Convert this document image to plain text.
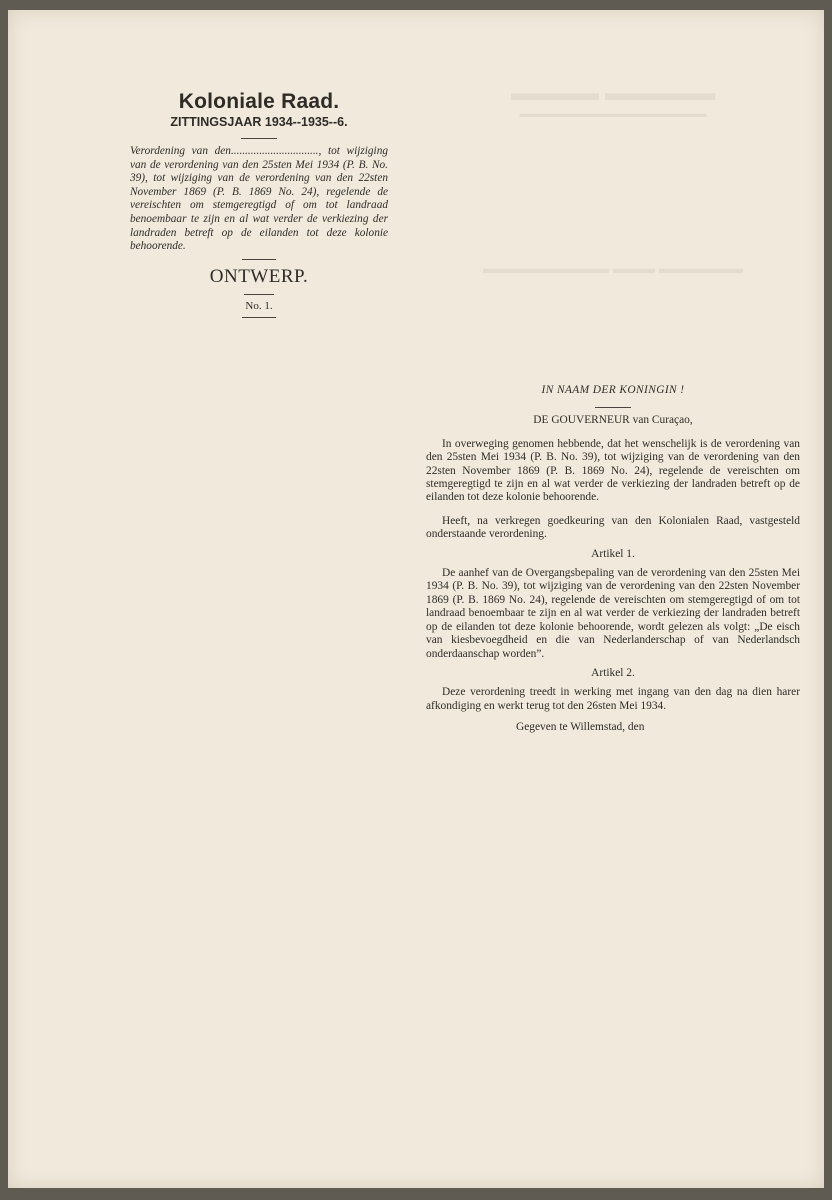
▬▬▬▬▬ ▬▬▬▬
▬▬▬▬▬▬▬▬▬▬▬▬▬▬▬▬▬
▬▬▬▬▬▬ ▬▬▬ ▬▬▬▬▬▬▬▬▬
Koloniale Raad.
ZITTINGSJAAR 1934--1935--6.

Verordening van den..............................., tot wijziging van de verordening van den 25sten Mei 1934 (P. B. No. 39), tot wijziging van de verordening van den 22sten November 1869 (P. B. 1869 No. 24), regelende de vereischten om stemgeregtigd of om tot landraad benoembaar te zijn en al wat verder de verkiezing der landraden betreft op de eilanden tot deze kolonie behoorende.

ONTWERP.
No. 1.
IN NAAM DER KONINGIN !
DE GOUVERNEUR van Curaçao,

In overweging genomen hebbende, dat het wenschelijk is de verordening van den 25sten Mei 1934 (P. B. No. 39), tot wijziging van de verordening van den 22sten November 1869 (P. B. 1869 No. 24), regelende de vereischten om stemgeregtigd te zijn en al wat verder de verkiezing der landraden betreft op de eilanden tot deze kolonie behoorende.

Heeft, na verkregen goedkeuring van den Kolonialen Raad, vastgesteld onderstaande verordening.

Artikel 1.

De aanhef van de Overgangsbepaling van de verordening van den 25sten Mei 1934 (P. B. No. 39), tot wijziging van de verordening van den 22sten November 1869 (P. B. 1869 No. 24), regelende de vereischten om stemgeregtigd of om tot landraad benoembaar te zijn en al wat verder de verkiezing der landraden betreft op de eilanden tot deze kolonie behoorende, wordt gelezen als volgt: „De eisch van kiesbevoegdheid en die van Nederlanderschap of van Nederlandsch onderdaanschap worden”.

Artikel 2.

Deze verordening treedt in werking met ingang van den dag na dien harer afkondiging en werkt terug tot den 26sten Mei 1934.

Gegeven te Willemstad, den
